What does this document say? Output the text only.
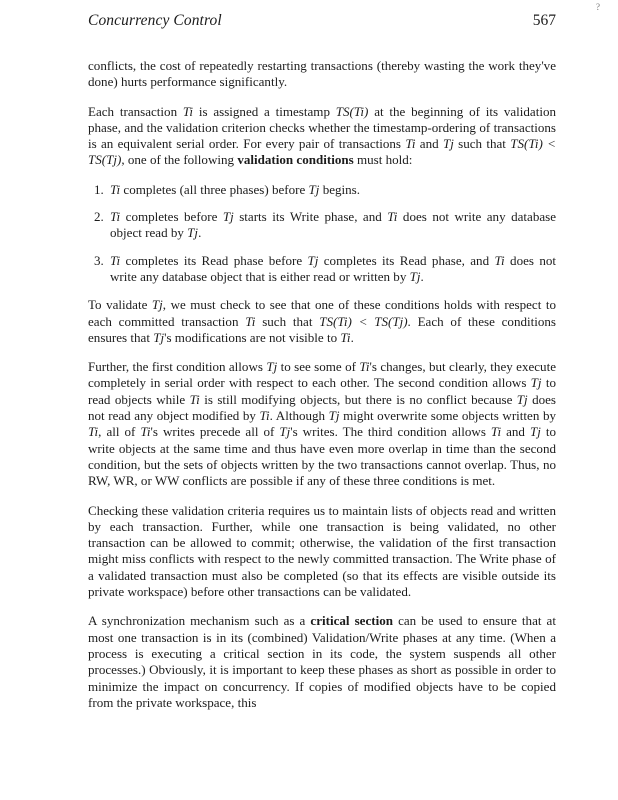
Concurrency Control	567
?

conflicts, the cost of repeatedly restarting transactions (thereby wasting the work they've done) hurts performance significantly.

Each transaction Ti is assigned a timestamp TS(Ti) at the beginning of its validation phase, and the validation criterion checks whether the timestamp-ordering of transactions is an equivalent serial order. For every pair of transactions Ti and Tj such that TS(Ti) < TS(Tj), one of the following validation conditions must hold:

1. Ti completes (all three phases) before Tj begins.
2. Ti completes before Tj starts its Write phase, and Ti does not write any database object read by Tj.
3. Ti completes its Read phase before Tj completes its Read phase, and Ti does not write any database object that is either read or written by Tj.

To validate Tj, we must check to see that one of these conditions holds with respect to each committed transaction Ti such that TS(Ti) < TS(Tj). Each of these conditions ensures that Tj's modifications are not visible to Ti.

Further, the first condition allows Tj to see some of Ti's changes, but clearly, they execute completely in serial order with respect to each other. The second condition allows Tj to read objects while Ti is still modifying objects, but there is no conflict because Tj does not read any object modified by Ti. Although Tj might overwrite some objects written by Ti, all of Ti's writes precede all of Tj's writes. The third condition allows Ti and Tj to write objects at the same time and thus have even more overlap in time than the second condition, but the sets of objects written by the two transactions cannot overlap. Thus, no RW, WR, or WW conflicts are possible if any of these three conditions is met.

Checking these validation criteria requires us to maintain lists of objects read and written by each transaction. Further, while one transaction is being validated, no other transaction can be allowed to commit; otherwise, the validation of the first transaction might miss conflicts with respect to the newly committed transaction. The Write phase of a validated transaction must also be completed (so that its effects are visible outside its private workspace) before other transactions can be validated.

A synchronization mechanism such as a critical section can be used to ensure that at most one transaction is in its (combined) Validation/Write phases at any time. (When a process is executing a critical section in its code, the system suspends all other processes.) Obviously, it is important to keep these phases as short as possible in order to minimize the impact on concurrency. If copies of modified objects have to be copied from the private workspace, this
